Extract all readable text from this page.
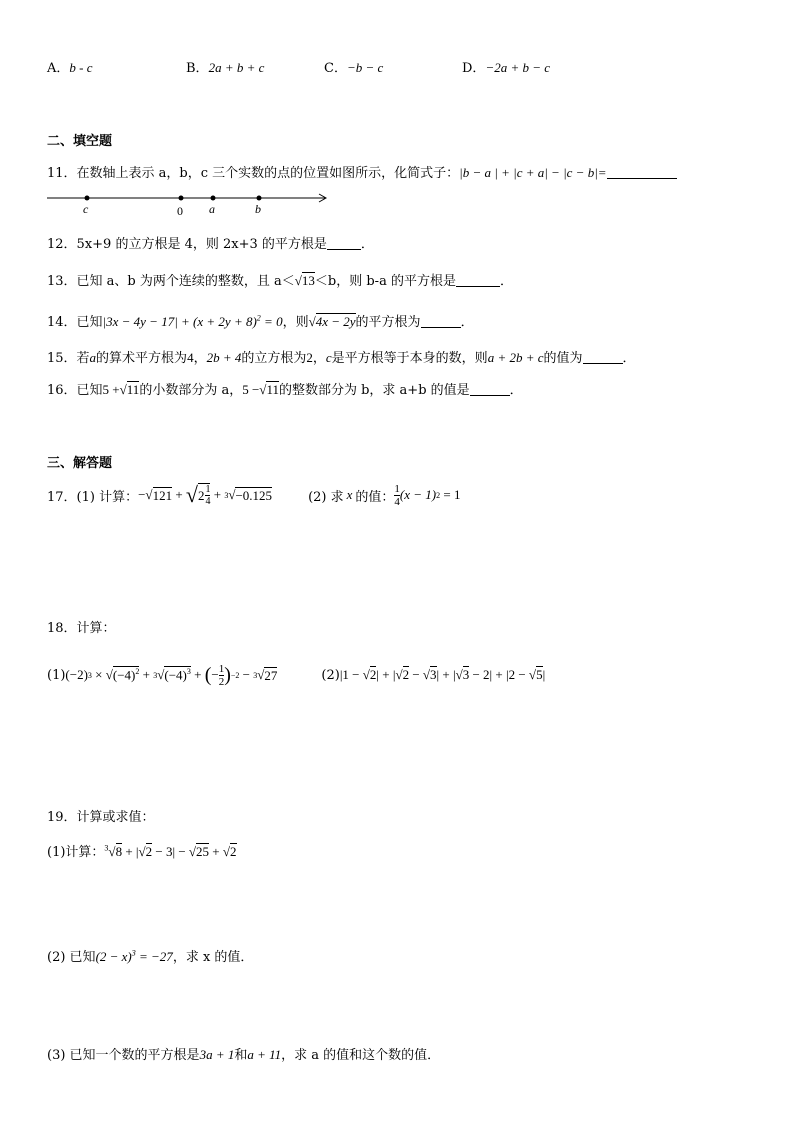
A．b - c	B．2a + b + c	C．−b − c	D．−2a + b − c
二、填空题
11．在数轴上表示 a，b，c 三个实数的点的位置如图所示，化简式子：|b − a | + |c + a| − |c − b|=
c	0 a	b
12．5x+9 的立方根是 4，则 2x+3 的平方根是	．
13．已知 a、b 为两个连续的整数，且 a＜√13＜b，则 b-a 的平方根是	．
14．已知$|3x - 4y - 17| + (x + 2y + 8)^2 = 0$，则√4x − 2y的平方根为	．
15．若a的算术平方根为4，2b + 4的立方根为2，c是平方根等于本身的数，则a + 2b + c的值为	．
16．已知5 +√11的小数部分为 a，5 −√11的整数部分为 b，求 a+b 的值是	．
三、解答题
17．(1) 计算： −√ 121 + √ 2 1
4 + 3 √ −0.125	(2) 求 x 的值：
1
4 (x − 1) 2 = 1
18．计算：
(1) (−2) 3 × √ $(-4)^2 + 3$ √ $(-4)^3$ + ( − 1
2 ) −2 − 3 √ 27	(2) |1 − √2| + |√2 − √3| + |√3 − 2| + |2 − √5|
19．计算或求值：
(1)计算：$^3$√8 + |√2 − 3| − √25 + √2
(2) 已知$(2 - x)^3 = -27$，求 x 的值．
(3) 已知一个数的平方根是3a + 1和a + 11，求 a 的值和这个数的值．
